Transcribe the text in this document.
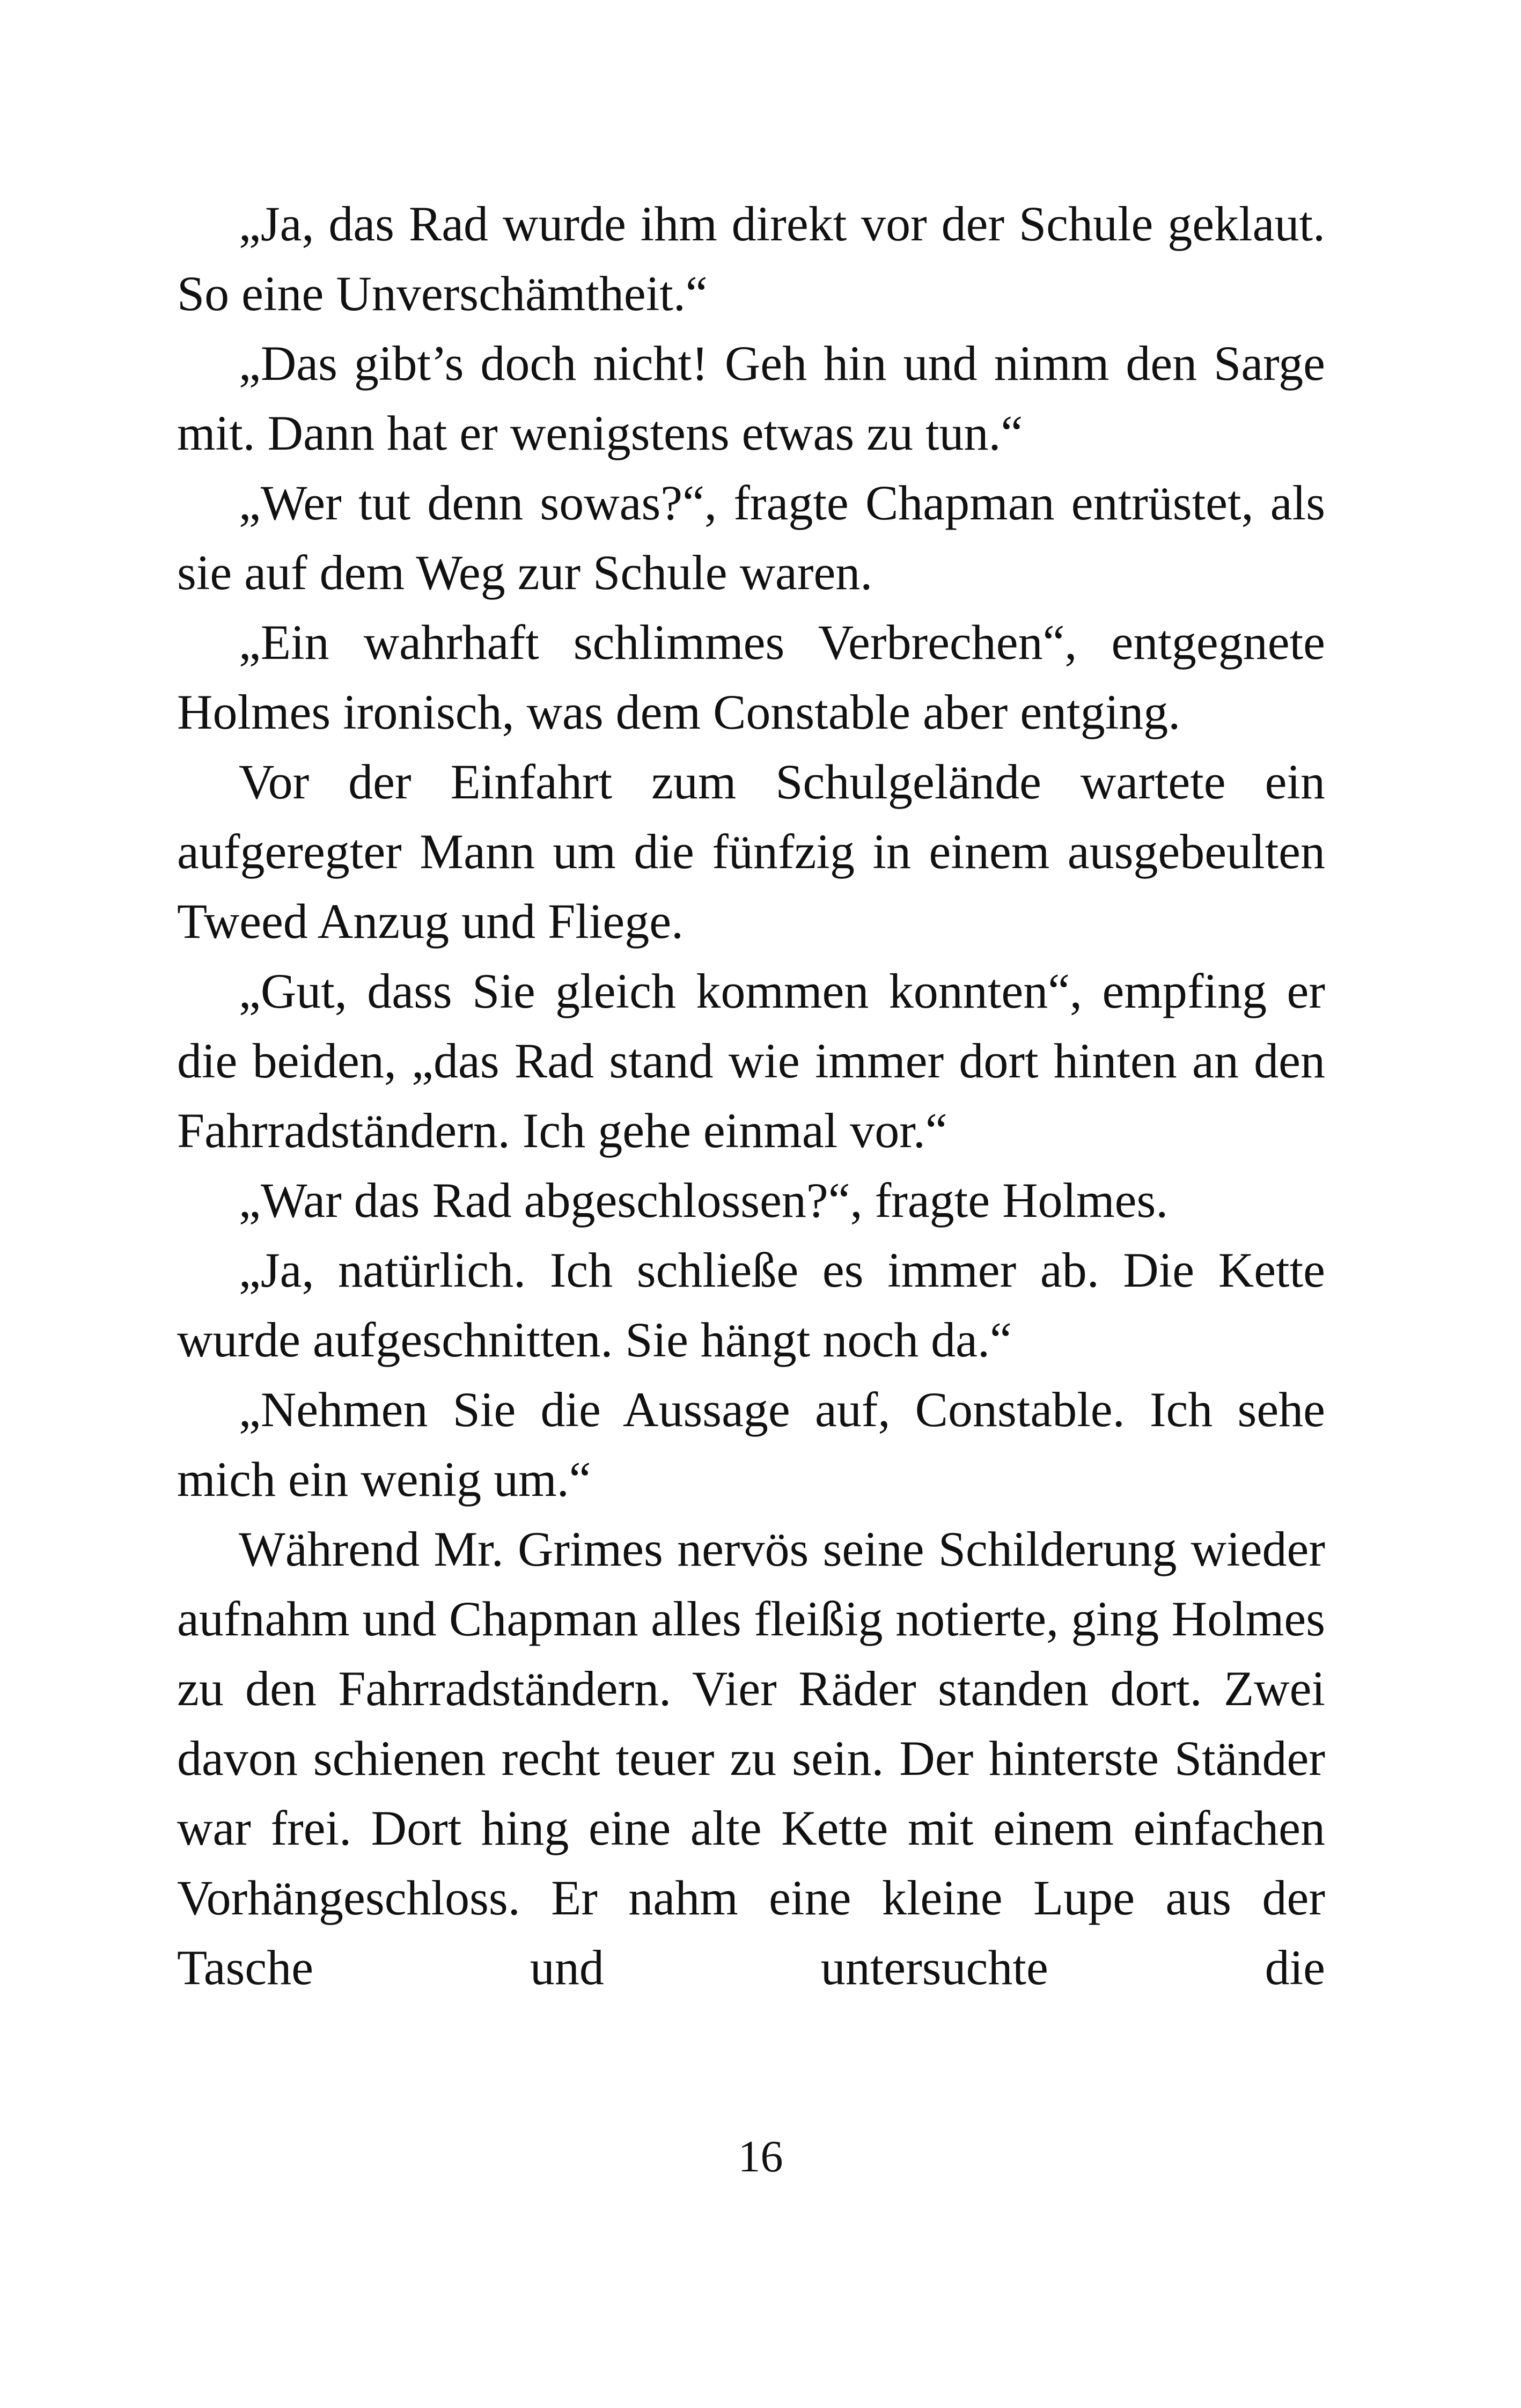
„Ja, das Rad wurde ihm direkt vor der Schule geklaut. So eine Unverschämtheit.“

„Das gibt’s doch nicht! Geh hin und nimm den Sarge mit. Dann hat er wenigstens etwas zu tun.“

„Wer tut denn sowas?“, fragte Chapman entrüstet, als sie auf dem Weg zur Schule waren.

„Ein wahrhaft schlimmes Verbrechen“, entgegnete Holmes ironisch, was dem Constable aber entging.

Vor der Einfahrt zum Schulgelände wartete ein aufgeregter Mann um die fünfzig in einem ausgebeulten Tweed Anzug und Fliege.

„Gut, dass Sie gleich kommen konnten“, empfing er die beiden, „das Rad stand wie immer dort hinten an den Fahrradständern. Ich gehe einmal vor.“

„War das Rad abgeschlossen?“, fragte Holmes.

„Ja, natürlich. Ich schließe es immer ab. Die Kette wurde aufgeschnitten. Sie hängt noch da.“

„Nehmen Sie die Aussage auf, Constable. Ich sehe mich ein wenig um.“

Während Mr. Grimes nervös seine Schilderung wieder aufnahm und Chapman alles fleißig notierte, ging Holmes zu den Fahrradständern. Vier Räder standen dort. Zwei davon schienen recht teuer zu sein. Der hinterste Ständer war frei. Dort hing eine alte Kette mit einem einfachen Vorhängeschloss. Er nahm eine kleine Lupe aus der Tasche und untersuchte die

16
